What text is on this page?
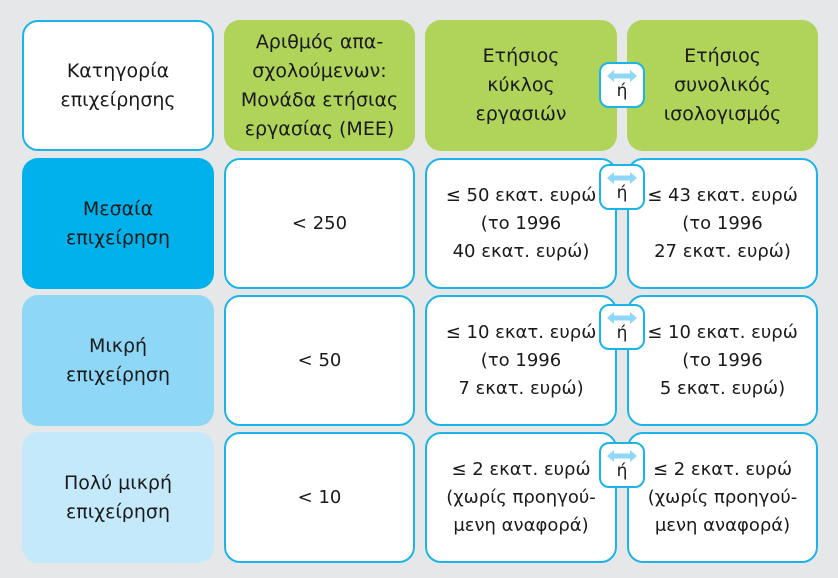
Κατηγορία
επιχείρησης
Αριθμός απα-
σχολούμενων:
Μονάδα ετήσιας
εργασίας (ΜΕΕ)
Ετήσιος
κύκλος
εργασιών
Ετήσιος
συνολικός
ισολογισμός
ή
Μεσαία
επιχείρηση
< 250
≤ 50 εκατ. ευρώ
(το 1996
40 εκατ. ευρώ)
≤ 43 εκατ. ευρώ
(το 1996
27 εκατ. ευρώ)
ή
Μικρή
επιχείρηση
< 50
≤ 10 εκατ. ευρώ
(το 1996
7 εκατ. ευρώ)
≤ 10 εκατ. ευρώ
(το 1996
5 εκατ. ευρώ)
ή
Πολύ μικρή
επιχείρηση
< 10
≤ 2 εκατ. ευρώ
(χωρίς προηγού-
μενη αναφορά)
≤ 2 εκατ. ευρώ
(χωρίς προηγού-
μενη αναφορά)
ή
